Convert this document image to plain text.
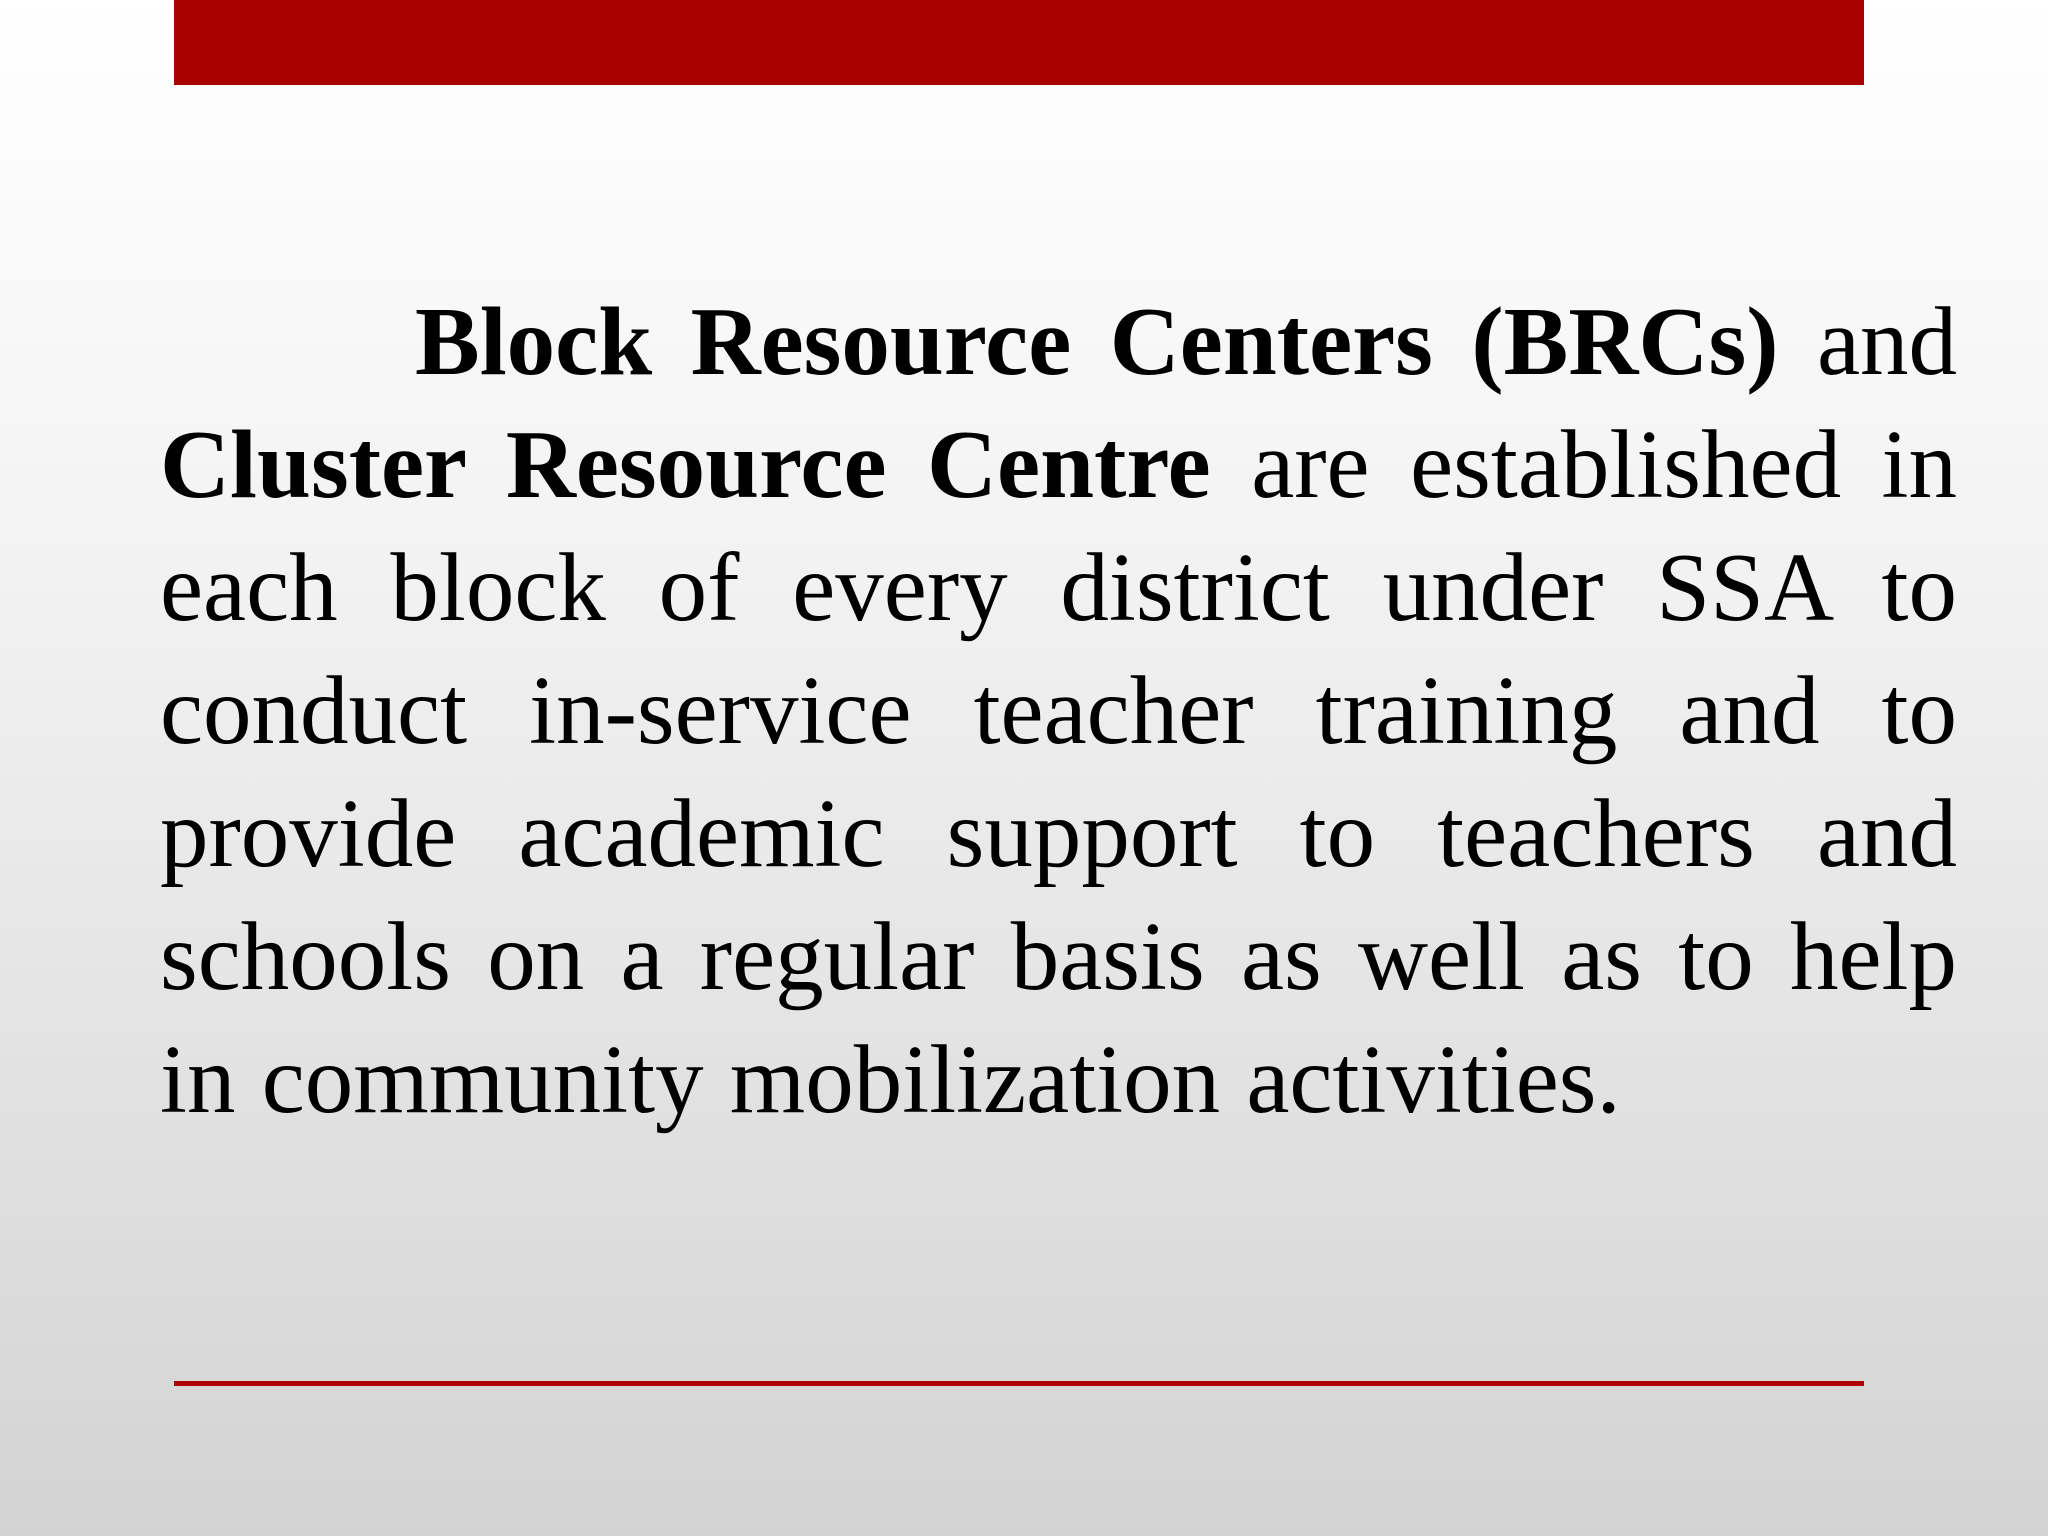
Block Resource Centers (BRCs) and Cluster Resource Centre are established in each block of every district under SSA to conduct in-service teacher training and to provide academic support to teachers and schools on a regular basis as well as to help in community mobilization activities.
